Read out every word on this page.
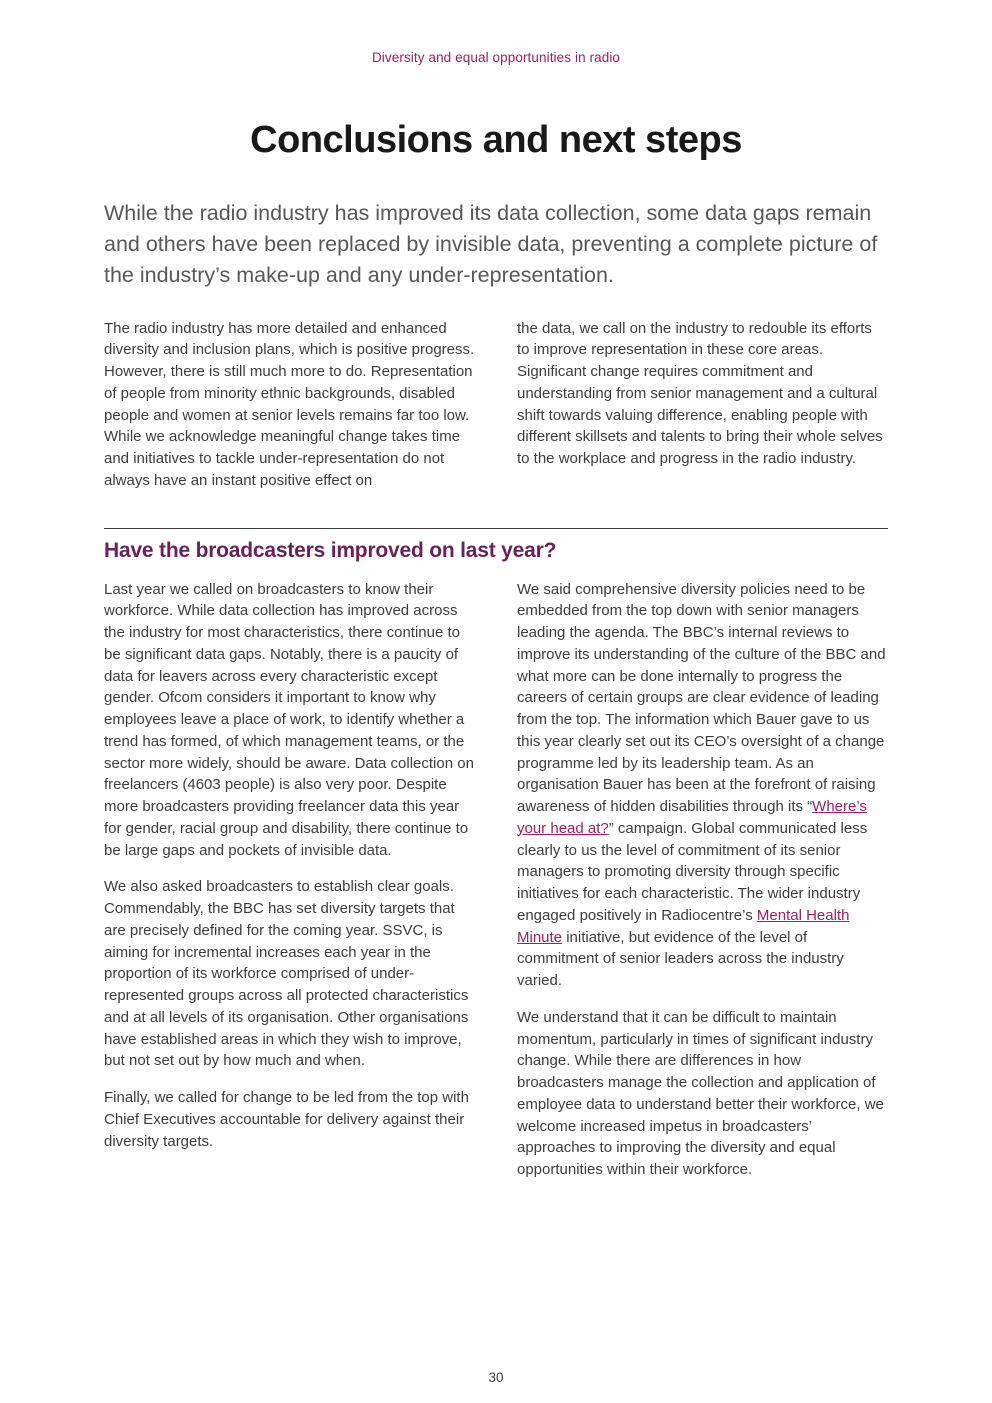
Diversity and equal opportunities in radio
Conclusions and next steps

While the radio industry has improved its data collection, some data gaps remain and others have been replaced by invisible data, preventing a complete picture of the industry’s make-up and any under-representation.

The radio industry has more detailed and enhanced diversity and inclusion plans, which is positive progress. However, there is still much more to do. Representation of people from minority ethnic backgrounds, disabled people and women at senior levels remains far too low. While we acknowledge meaningful change takes time and initiatives to tackle under-representation do not always have an instant positive effect on
the data, we call on the industry to redouble its efforts to improve representation in these core areas. Significant change requires commitment and understanding from senior management and a cultural shift towards valuing difference, enabling people with different skillsets and talents to bring their whole selves to the workplace and progress in the radio industry.
Have the broadcasters improved on last year?

Last year we called on broadcasters to know their workforce. While data collection has improved across the industry for most characteristics, there continue to be significant data gaps. Notably, there is a paucity of data for leavers across every characteristic except gender. Ofcom considers it important to know why employees leave a place of work, to identify whether a trend has formed, of which management teams, or the sector more widely, should be aware. Data collection on freelancers (4603 people) is also very poor. Despite more broadcasters providing freelancer data this year for gender, racial group and disability, there continue to be large gaps and pockets of invisible data.

We also asked broadcasters to establish clear goals. Commendably, the BBC has set diversity targets that are precisely defined for the coming year. SSVC, is aiming for incremental increases each year in the proportion of its workforce comprised of under-represented groups across all protected characteristics and at all levels of its organisation. Other organisations have established areas in which they wish to improve, but not set out by how much and when.

Finally, we called for change to be led from the top with Chief Executives accountable for delivery against their diversity targets.

We said comprehensive diversity policies need to be embedded from the top down with senior managers leading the agenda. The BBC’s internal reviews to improve its understanding of the culture of the BBC and what more can be done internally to progress the careers of certain groups are clear evidence of leading from the top. The information which Bauer gave to us this year clearly set out its CEO’s oversight of a change programme led by its leadership team. As an organisation Bauer has been at the forefront of raising awareness of hidden disabilities through its “Where’s your head at?” campaign. Global communicated less clearly to us the level of commitment of its senior managers to promoting diversity through specific initiatives for each characteristic. The wider industry engaged positively in Radiocentre’s Mental Health Minute initiative, but evidence of the level of commitment of senior leaders across the industry varied.

We understand that it can be difficult to maintain momentum, particularly in times of significant industry change. While there are differences in how broadcasters manage the collection and application of employee data to understand better their workforce, we welcome increased impetus in broadcasters’ approaches to improving the diversity and equal opportunities within their workforce.

30
